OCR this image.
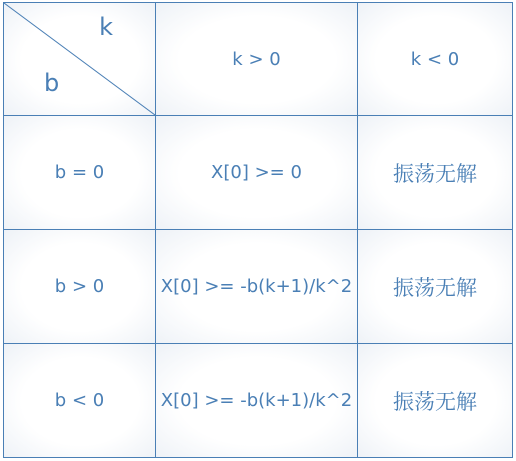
k
b	k > 0	k < 0
b = 0	X[0] >= 0	振荡无解
b > 0	X[0] >= -b(k+1)/k^2	振荡无解
b < 0	X[0] >= -b(k+1)/k^2	振荡无解
